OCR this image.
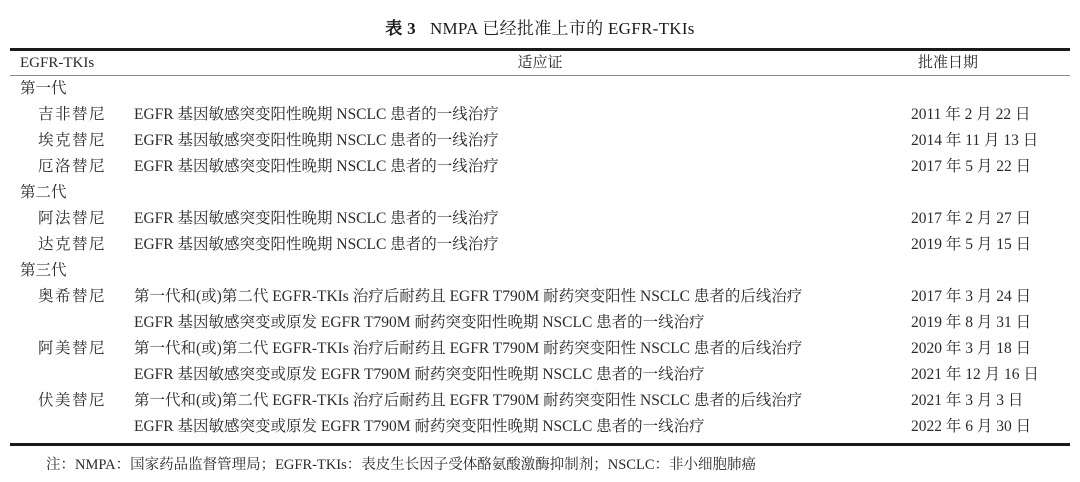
表 3 NMPA 已经批准上市的 EGFR-TKIs
EGFR-TKIs	适应证	批准日期
第一代
吉非替尼 EGFR 基因敏感突变阳性晚期 NSCLC 患者的一线治疗	2011 年 2 月 22 日
埃克替尼 EGFR 基因敏感突变阳性晚期 NSCLC 患者的一线治疗	2014 年 11 月 13 日
厄洛替尼 EGFR 基因敏感突变阳性晚期 NSCLC 患者的一线治疗	2017 年 5 月 22 日
第二代
阿法替尼 EGFR 基因敏感突变阳性晚期 NSCLC 患者的一线治疗	2017 年 2 月 27 日
达克替尼 EGFR 基因敏感突变阳性晚期 NSCLC 患者的一线治疗	2019 年 5 月 15 日
第三代
奥希替尼 第一代和(或)第二代 EGFR-TKIs 治疗后耐药且 EGFR T790M 耐药突变阳性 NSCLC 患者的后线治疗	2017 年 3 月 24 日
EGFR 基因敏感突变或原发 EGFR T790M 耐药突变阳性晚期 NSCLC 患者的一线治疗	2019 年 8 月 31 日
阿美替尼 第一代和(或)第二代 EGFR-TKIs 治疗后耐药且 EGFR T790M 耐药突变阳性 NSCLC 患者的后线治疗	2020 年 3 月 18 日
EGFR 基因敏感突变或原发 EGFR T790M 耐药突变阳性晚期 NSCLC 患者的一线治疗	2021 年 12 月 16 日
伏美替尼 第一代和(或)第二代 EGFR-TKIs 治疗后耐药且 EGFR T790M 耐药突变阳性 NSCLC 患者的后线治疗	2021 年 3 月 3 日
EGFR 基因敏感突变或原发 EGFR T790M 耐药突变阳性晚期 NSCLC 患者的一线治疗	2022 年 6 月 30 日
注：NMPA：国家药品监督管理局；EGFR-TKIs：表皮生长因子受体酪氨酸激酶抑制剂；NSCLC：非小细胞肺癌
